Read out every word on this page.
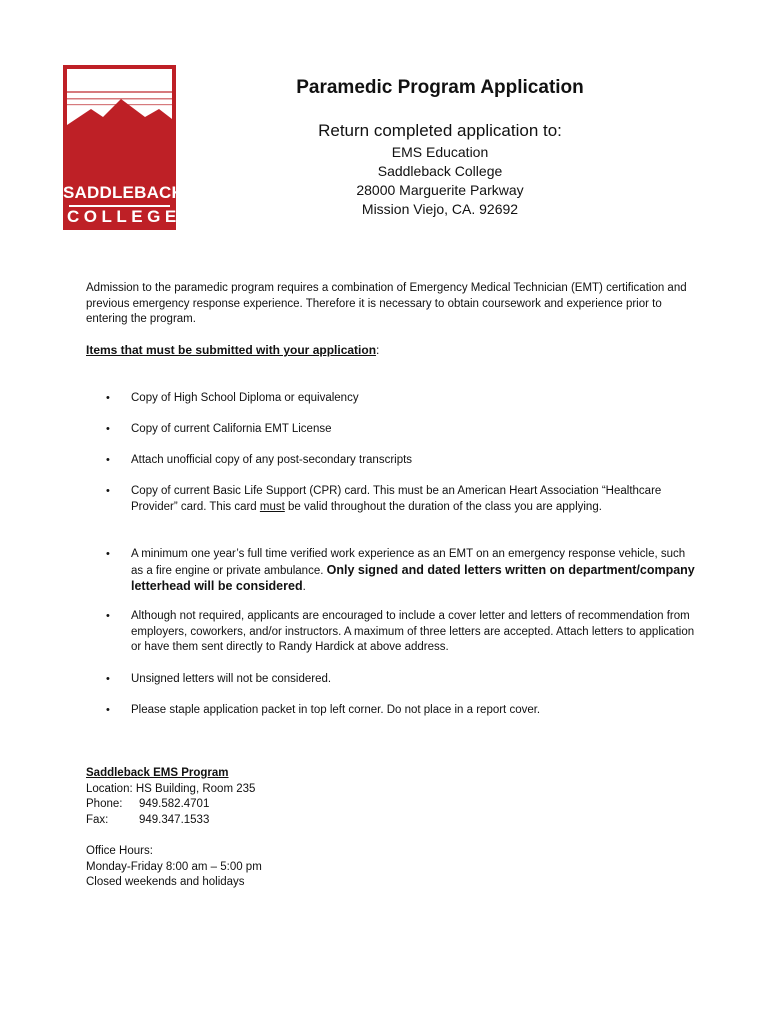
SADDLEBACK
COLLEGE
Paramedic Program Application
Return completed application to:
EMS Education
Saddleback College
28000 Marguerite Parkway
Mission Viejo, CA. 92692
Admission to the paramedic program requires a combination of Emergency Medical Technician (EMT) certification and previous emergency response experience. Therefore it is necessary to obtain coursework and experience prior to entering the program.
Items that must be submitted with your application:
• Copy of High School Diploma or equivalency
• Copy of current California EMT License
• Attach unofficial copy of any post-secondary transcripts
• Copy of current Basic Life Support (CPR) card. This must be an American Heart Association “Healthcare Provider” card. This card must be valid throughout the duration of the class you are applying.
• A minimum one year’s full time verified work experience as an EMT on an emergency response vehicle, such as a fire engine or private ambulance. Only signed and dated letters written on department/company letterhead will be considered.
• Although not required, applicants are encouraged to include a cover letter and letters of recommendation from employers, coworkers, and/or instructors. A maximum of three letters are accepted. Attach letters to application or have them sent directly to Randy Hardick at above address.
• Unsigned letters will not be considered.
• Please staple application packet in top left corner. Do not place in a report cover.
Saddleback EMS Program
Location: HS Building, Room 235
Phone: 949.582.4701
Fax:	949.347.1533
Office Hours:
Monday-Friday 8:00 am – 5:00 pm
Closed weekends and holidays
